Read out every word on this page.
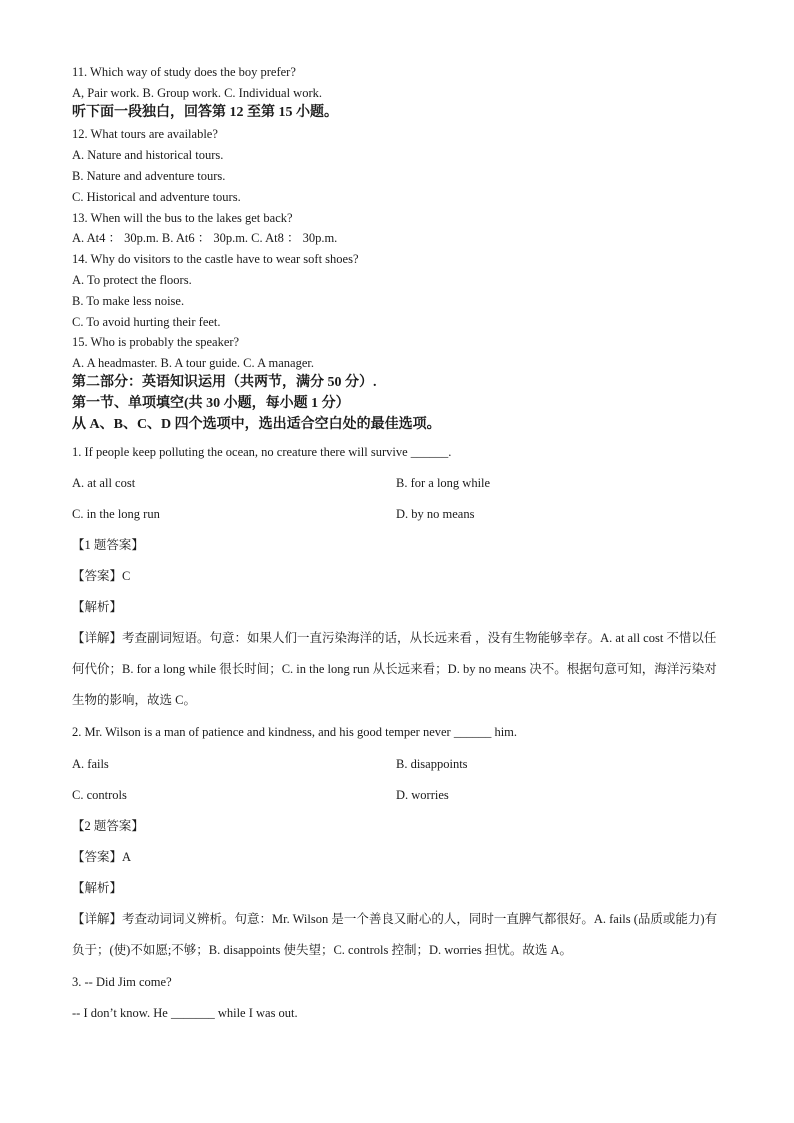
11. Which way of study does the boy prefer?
A, Pair work. B. Group work. C. Individual work.
听下面一段独白，回答第 12 至第 15 小题。
12. What tours are available?
A. Nature and historical tours.
B. Nature and adventure tours.
C. Historical and adventure tours.
13. When will the bus to the lakes get back?
A. At4 ： 30p.m. B. At6 ： 30p.m. C. At8 ： 30p.m.
14. Why do visitors to the castle have to wear soft shoes?
A. To protect the floors.
B. To make less noise.
C. To avoid hurting their feet.
15. Who is probably the speaker?
A. A headmaster. B. A tour guide. C. A manager.
第二部分：英语知识运用（共两节，满分 50 分）.
第一节、单项填空(共 30 小题，每小题 1 分）
从 A、B、C、D 四个选项中，选出适合空白处的最佳选项。
1. If people keep polluting the ocean, no creature there will survive ______.
A. at all cost	B. for a long while
C. in the long run	D. by no means
【1 题答案】
【答案】C
【解析】
【详解】考查副词短语。句意：如果人们一直污染海洋的话，从长远来看 ，没有生物能够幸存。A. at all cost 不惜以任何代价；B. for a long while 很长时间；C. in the long run 从长远来看；D. by no means 决不。根据句意可知，海洋污染对生物的影响，故选 C。
2. Mr. Wilson is a man of patience and kindness, and his good temper never ______ him.
A. fails	B. disappoints
C. controls	D. worries
【2 题答案】
【答案】A
【解析】
【详解】考查动词词义辨析。句意：Mr. Wilson 是一个善良又耐心的人，同时一直脾气都很好。A. fails (品质或能力)有负于；(使)不如愿;不够；B. disappoints 使失望；C. controls 控制；D. worries 担忧。故选 A。
3. -- Did Jim come?
-- I don’t know. He _______ while I was out.
